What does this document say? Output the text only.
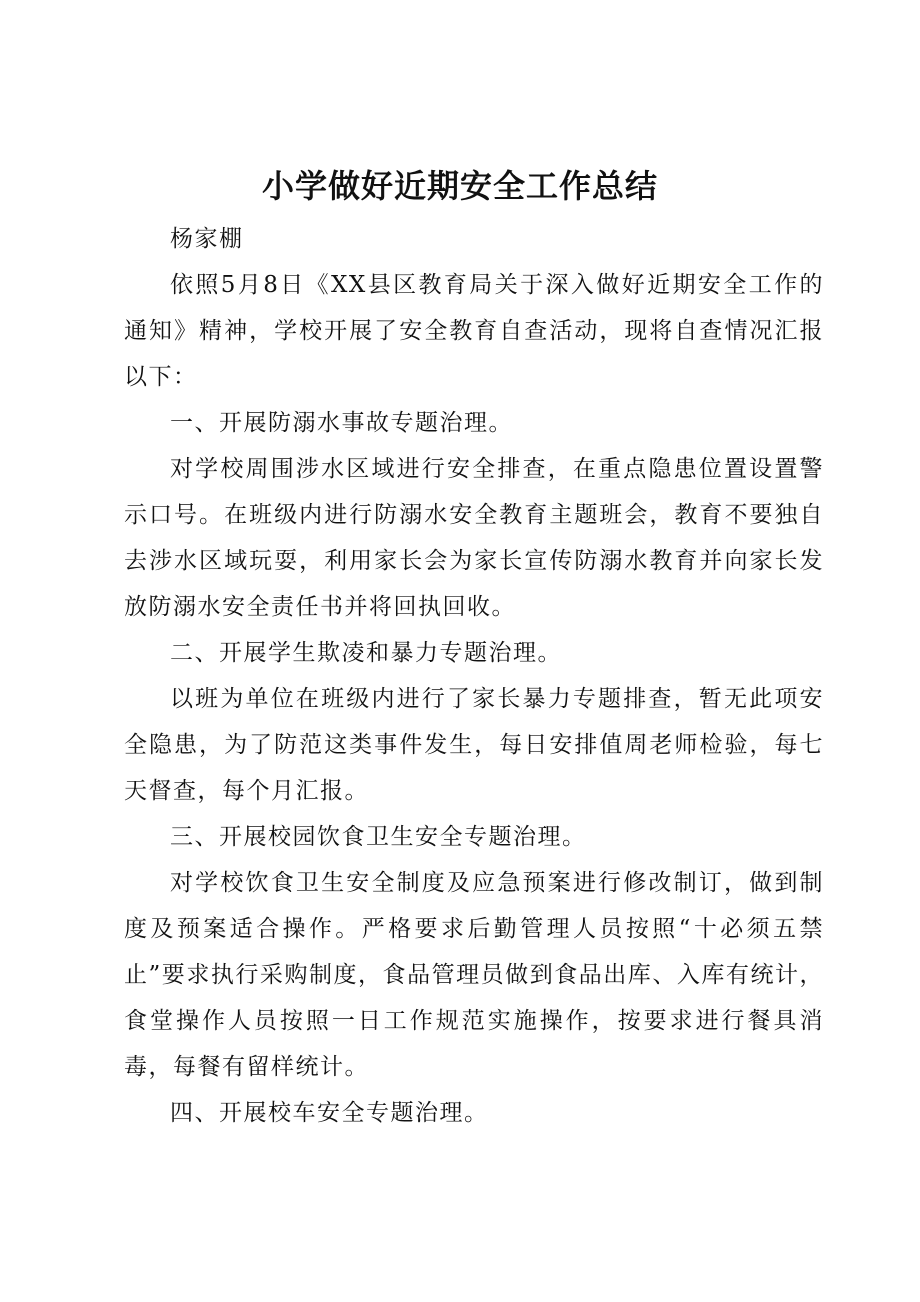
小学做好近期安全工作总结

杨家棚

依照5月8日《XX县区教育局关于深入做好近期安全工作的通知》精神，学校开展了安全教育自查活动，现将自查情况汇报以下：

一、开展防溺水事故专题治理。

对学校周围涉水区域进行安全排查，在重点隐患位置设置警示口号。在班级内进行防溺水安全教育主题班会，教育不要独自去涉水区域玩耍，利用家长会为家长宣传防溺水教育并向家长发放防溺水安全责任书并将回执回收。

二、开展学生欺凌和暴力专题治理。

以班为单位在班级内进行了家长暴力专题排查，暂无此项安全隐患，为了防范这类事件发生，每日安排值周老师检验，每七天督查，每个月汇报。

三、开展校园饮食卫生安全专题治理。

对学校饮食卫生安全制度及应急预案进行修改制订，做到制度及预案适合操作。严格要求后勤管理人员按照“十必须五禁止”要求执行采购制度，食品管理员做到食品出库、入库有统计，食堂操作人员按照一日工作规范实施操作，按要求进行餐具消毒，每餐有留样统计。

四、开展校车安全专题治理。
